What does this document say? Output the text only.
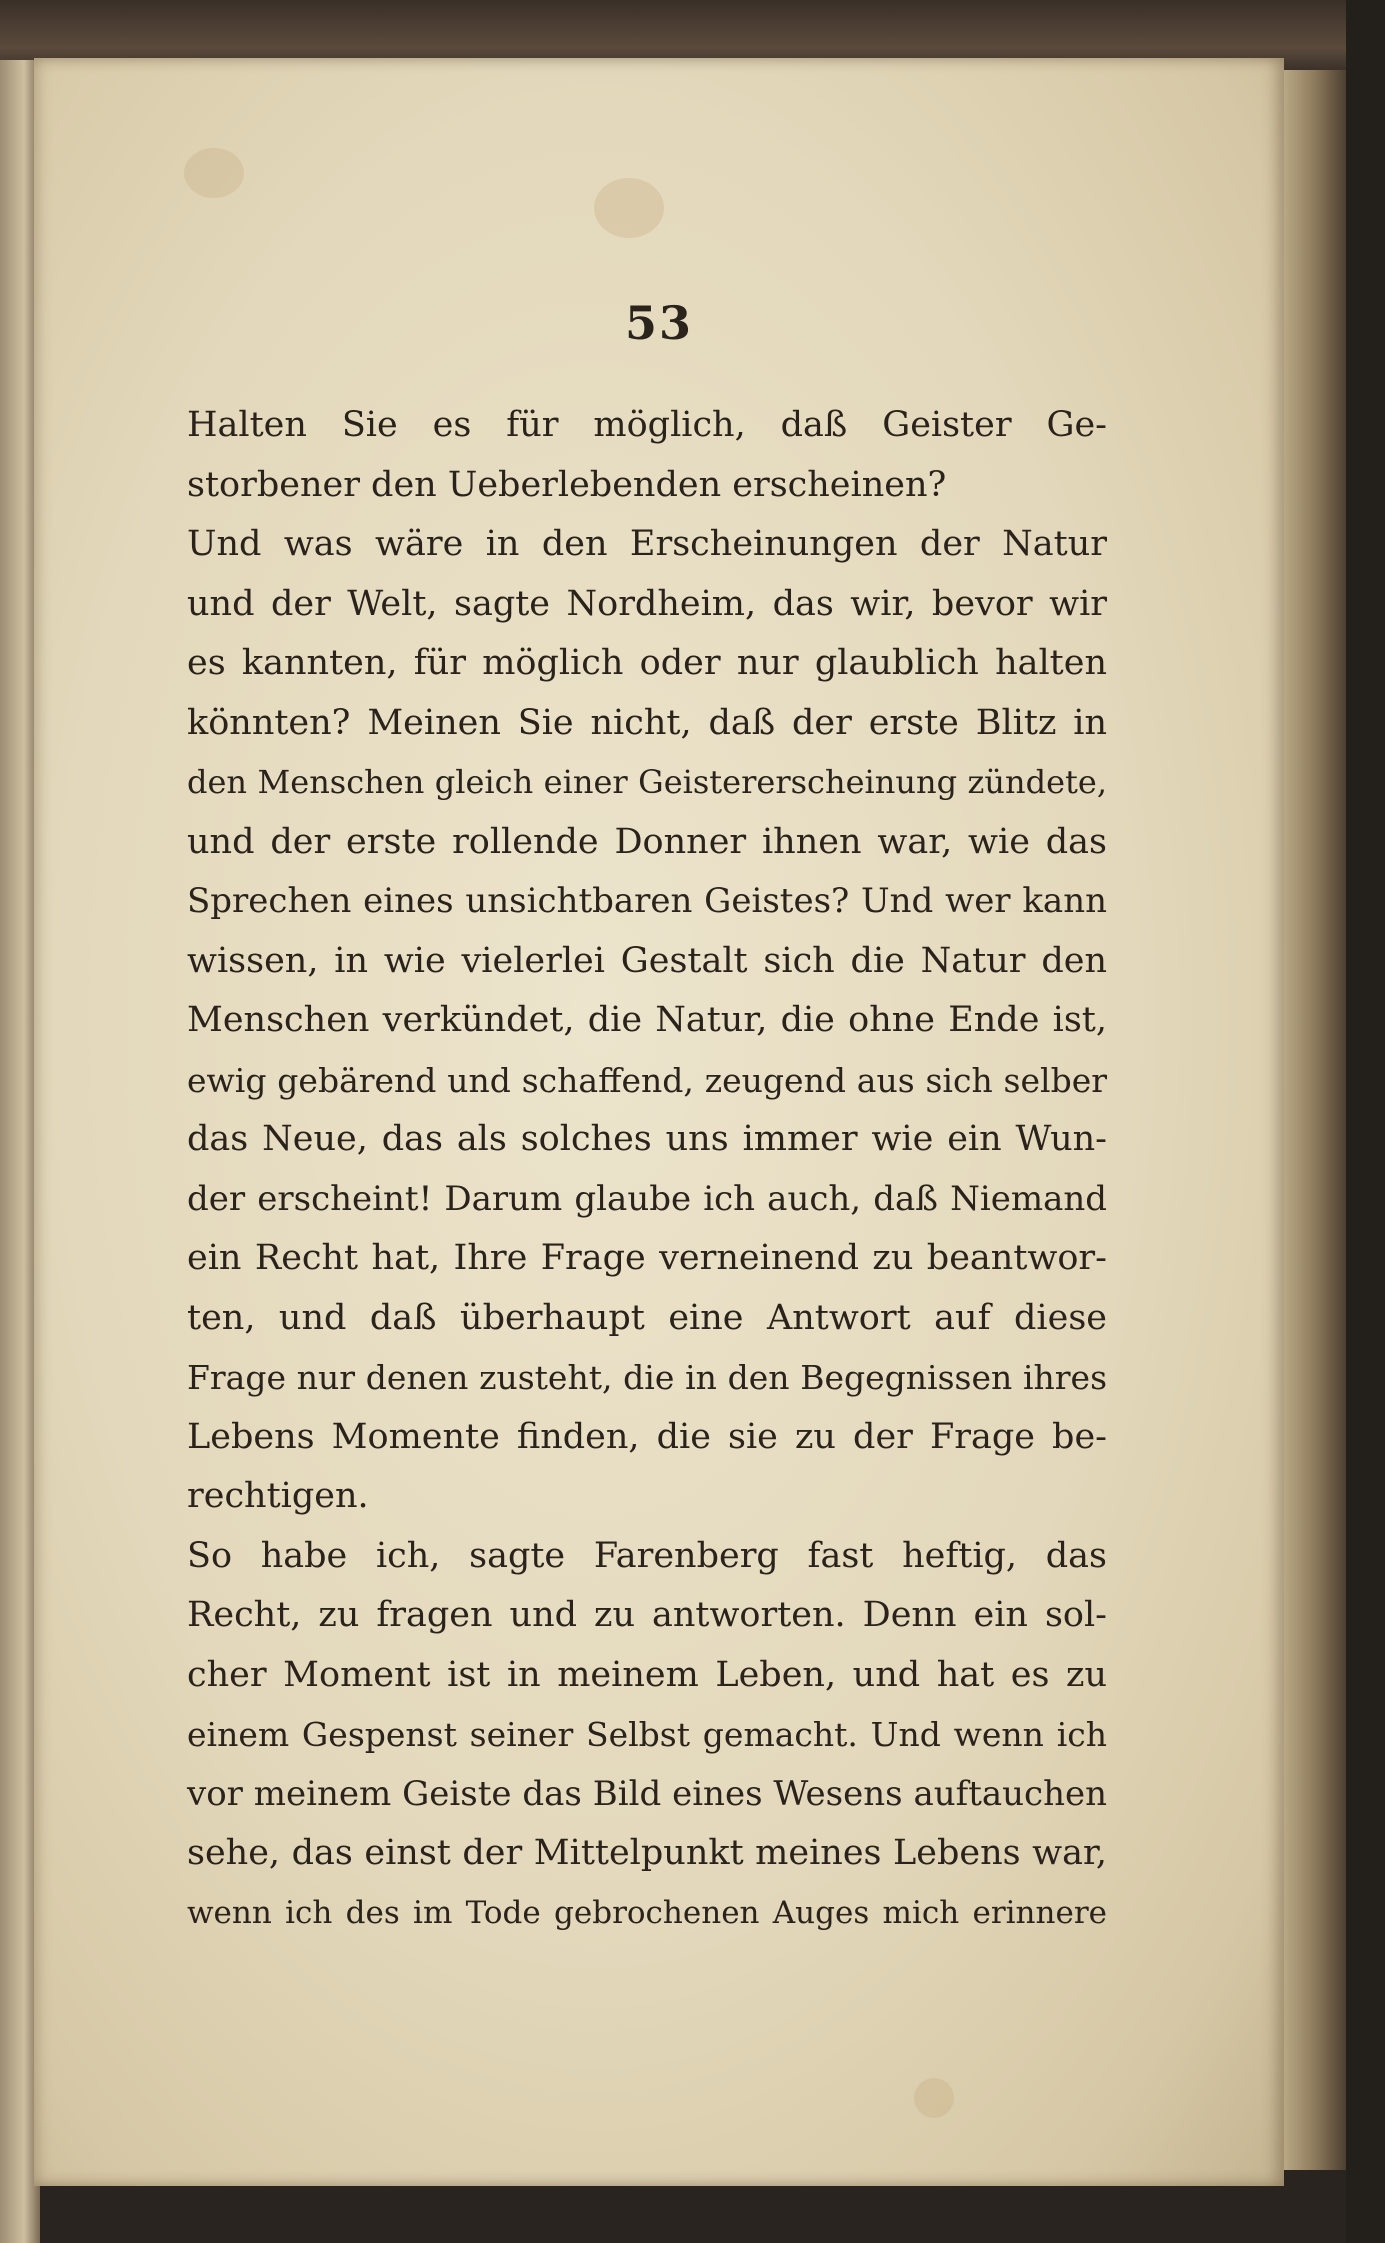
53
Halten Sie es für möglich, daß Geister Ge-
storbener den Ueberlebenden erscheinen?
Und was wäre in den Erscheinungen der Natur
und der Welt, sagte Nordheim, das wir, bevor wir
es kannten, für möglich oder nur glaublich halten
könnten? Meinen Sie nicht, daß der erste Blitz in
den Menschen gleich einer Geistererscheinung zündete,
und der erste rollende Donner ihnen war, wie das
Sprechen eines unsichtbaren Geistes? Und wer kann
wissen, in wie vielerlei Gestalt sich die Natur den
Menschen verkündet, die Natur, die ohne Ende ist,
ewig gebärend und schaffend, zeugend aus sich selber
das Neue, das als solches uns immer wie ein Wun-
der erscheint! Darum glaube ich auch, daß Niemand
ein Recht hat, Ihre Frage verneinend zu beantwor-
ten, und daß überhaupt eine Antwort auf diese
Frage nur denen zusteht, die in den Begegnissen ihres
Lebens Momente finden, die sie zu der Frage be-
rechtigen.
So habe ich, sagte Farenberg fast heftig, das
Recht, zu fragen und zu antworten. Denn ein sol-
cher Moment ist in meinem Leben, und hat es zu
einem Gespenst seiner Selbst gemacht. Und wenn ich
vor meinem Geiste das Bild eines Wesens auftauchen
sehe, das einst der Mittelpunkt meines Lebens war,
wenn ich des im Tode gebrochenen Auges mich erinnere
